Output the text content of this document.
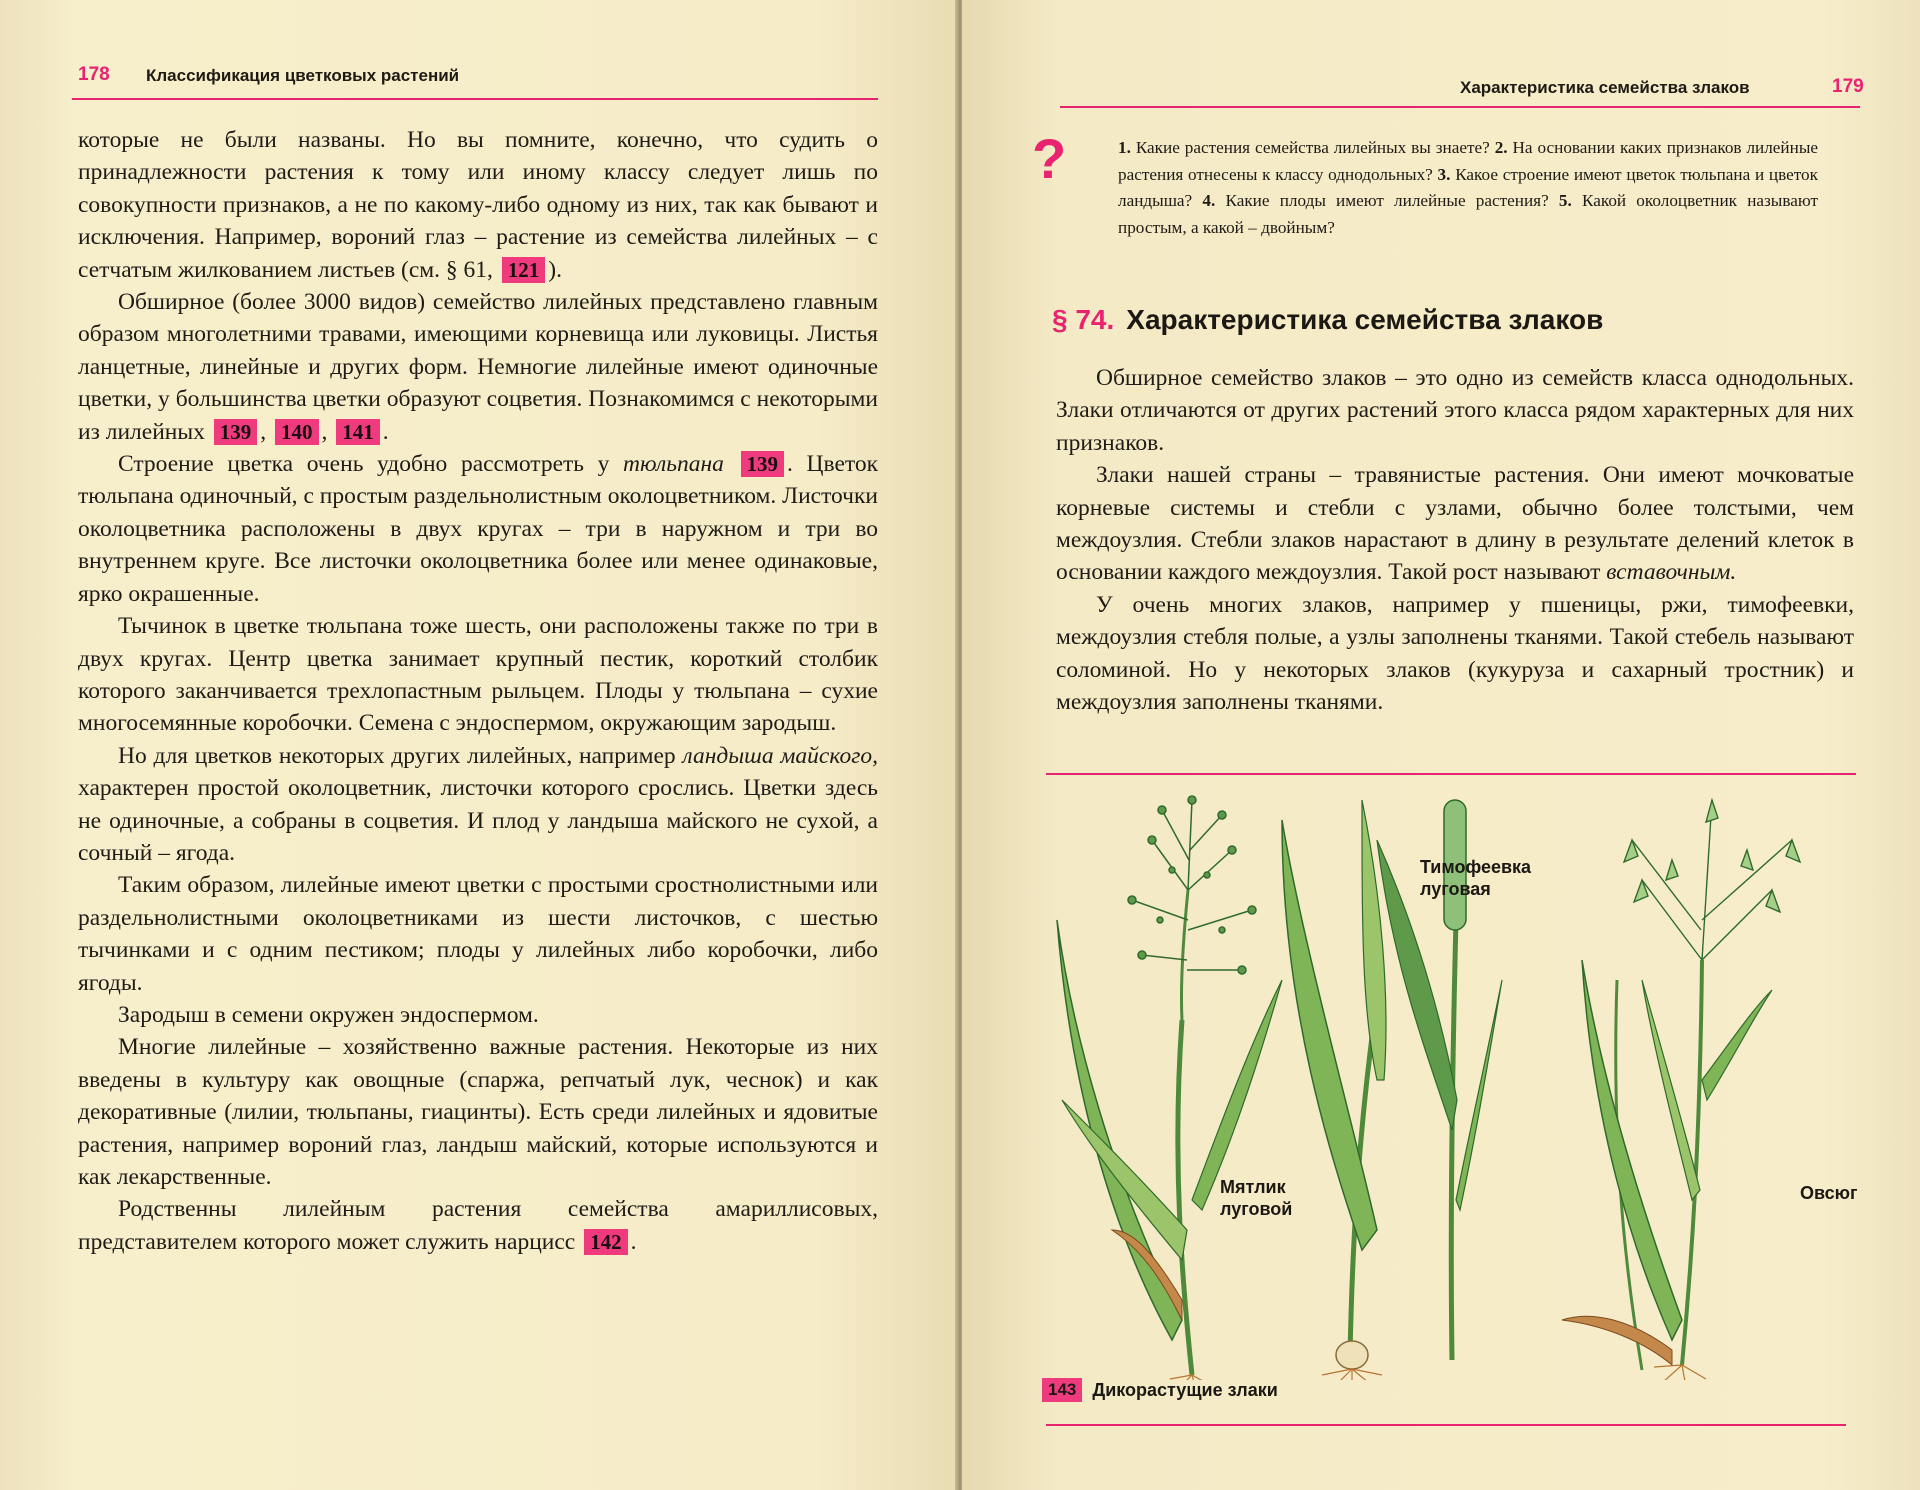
178 Классификация цветковых растений

которые не были названы. Но вы помните, конечно, что судить о принадлежности растения к тому или иному классу следует лишь по совокупности признаков, а не по какому-либо одному из них, так как бывают и исключения. Например, вороний глаз – растение из семейства лилейных – с сетчатым жилкованием листьев (см. § 61, 121 ).

Обширное (более 3000 видов) семейство лилейных представлено главным образом многолетними травами, имеющими корневища или луковицы. Листья ланцетные, линейные и других форм. Немногие лилейные имеют одиночные цветки, у большинства цветки образуют соцветия. Познакомимся с некоторыми из лилейных 139 , 140 , 141 .

Строение цветка очень удобно рассмотреть у тюльпана 139 . Цветок тюльпана одиночный, с простым раздельнолистным околоцветником. Листочки околоцветника расположены в двух кругах – три в наружном и три во внутреннем круге. Все листочки околоцветника более или менее одинаковые, ярко окрашенные.

Тычинок в цветке тюльпана тоже шесть, они расположены также по три в двух кругах. Центр цветка занимает крупный пестик, короткий столбик которого заканчивается трехлопастным рыльцем. Плоды у тюльпана – сухие многосемянные коробочки. Семена с эндоспермом, окружающим зародыш.

Но для цветков некоторых других лилейных, например ландыша майского, характерен простой околоцветник, листочки которого срослись. Цветки здесь не одиночные, а собраны в соцветия. И плод у ландыша майского не сухой, а сочный – ягода.

Таким образом, лилейные имеют цветки с простыми сростнолистными или раздельнолистными околоцветниками из шести листочков, с шестью тычинками и с одним пестиком; плоды у лилейных либо коробочки, либо ягоды.

Зародыш в семени окружен эндоспермом.

Многие лилейные – хозяйственно важные растения. Некоторые из них введены в культуру как овощные (спаржа, репчатый лук, чеснок) и как декоративные (лилии, тюльпаны, гиацинты). Есть среди лилейных и ядовитые растения, например вороний глаз, ландыш майский, которые используются и как лекарственные.

Родственны лилейным растения семейства амариллисовых, представителем которого может служить нарцисс 142 .

Характеристика семейства злаков	179
?	1. Какие растения семейства лилейных вы знаете? 2. На основании каких признаков лилейные растения отнесены к классу однодольных? 3. Какое строение имеют цветок тюльпана и цветок ландыша? 4. Какие плоды имеют лилейные растения? 5. Какой околоцветник называют простым, а какой – двойным?
§ 74. Характеристика семейства злаков

Обширное семейство злаков – это одно из семейств класса однодольных. Злаки отличаются от других растений этого класса рядом характерных для них признаков.

Злаки нашей страны – травянистые растения. Они имеют мочковатые корневые системы и стебли с узлами, обычно более толстыми, чем междоузлия. Стебли злаков нарастают в длину в результате делений клеток в основании каждого междоузлия. Такой рост называют вставочным.

У очень многих злаков, например у пшеницы, ржи, тимофеевки, междоузлия стебля полые, а узлы заполнены тканями. Такой стебель называют соломиной. Но у некоторых злаков (кукуруза и сахарный тростник) и междоузлия заполнены тканями.

Тимофеевка луговая
Мятлик луговой
Овсюг
143 Дикорастущие злаки
